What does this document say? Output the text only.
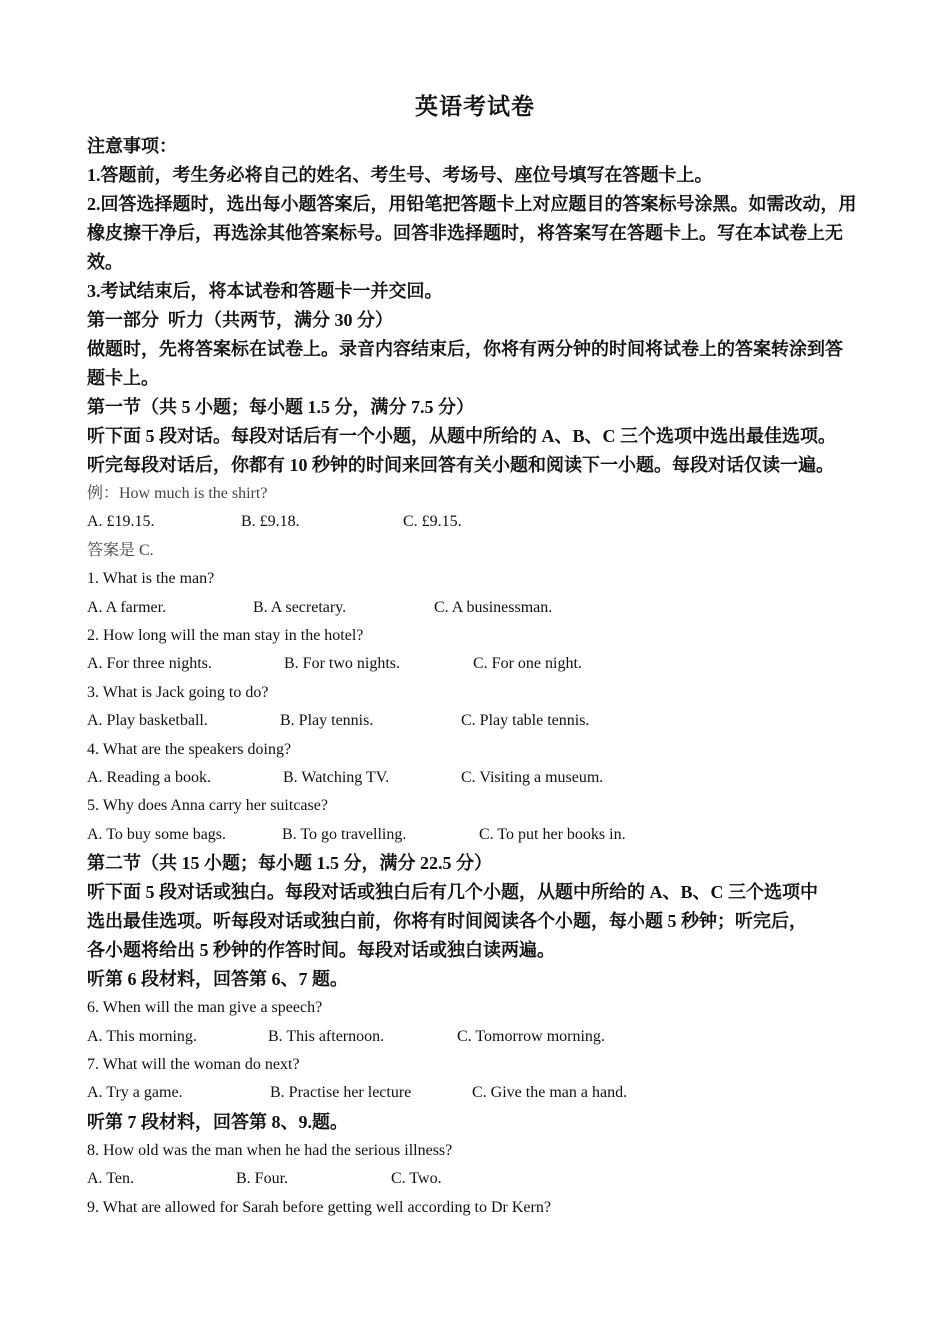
英语考试卷

注意事项：

1.答题前，考生务必将自己的姓名、考生号、考场号、座位号填写在答题卡上。

2.回答选择题时，选出每小题答案后，用铅笔把答题卡上对应题目的答案标号涂黑。如需改动，用橡皮擦干净后，再选涂其他答案标号。回答非选择题时，将答案写在答题卡上。写在本试卷上无效。

3.考试结束后，将本试卷和答题卡一并交回。

第一部分  听力（共两节，满分 30 分）

做题时，先将答案标在试卷上。录音内容结束后，你将有两分钟的时间将试卷上的答案转涂到答题卡上。

第一节（共 5 小题；每小题 1.5 分，满分 7.5 分）

听下面 5 段对话。每段对话后有一个小题，从题中所给的 A、B、C 三个选项中选出最佳选项。

听完每段对话后，你都有 10 秒钟的时间来回答有关小题和阅读下一小题。每段对话仅读一遍。

例：How much is the shirt?

A. £19.15.	B. £9.18.	C. £9.15.

答案是 C.

1. What is the man?

A. A farmer.	B. A secretary.	C. A businessman.

2. How long will the man stay in the hotel?

A. For three nights.	B. For two nights.	C. For one night.

3. What is Jack going to do?

A. Play basketball.	B. Play tennis.	C. Play table tennis.

4. What are the speakers doing?

A. Reading a book.	B. Watching TV.	C. Visiting a museum.

5. Why does Anna carry her suitcase?

A. To buy some bags.	B. To go travelling.	C. To put her books in.

第二节（共 15 小题；每小题 1.5 分，满分 22.5 分）

听下面 5 段对话或独白。每段对话或独白后有几个小题，从题中所给的 A、B、C 三个选项中

选出最佳选项。听每段对话或独白前，你将有时间阅读各个小题，每小题 5 秒钟；听完后，

各小题将给出 5 秒钟的作答时间。每段对话或独白读两遍。

听第 6 段材料，回答第 6、7 题。

6. When will the man give a speech?

A. This morning.	B. This afternoon.	C. Tomorrow morning.

7. What will the woman do next?

A. Try a game.	B. Practise her lecture	C. Give the man a hand.

听第 7 段材料，回答第 8、9.题。

8. How old was the man when he had the serious illness?

A. Ten.	B. Four.	C. Two.

9. What are allowed for Sarah before getting well according to Dr Kern?
